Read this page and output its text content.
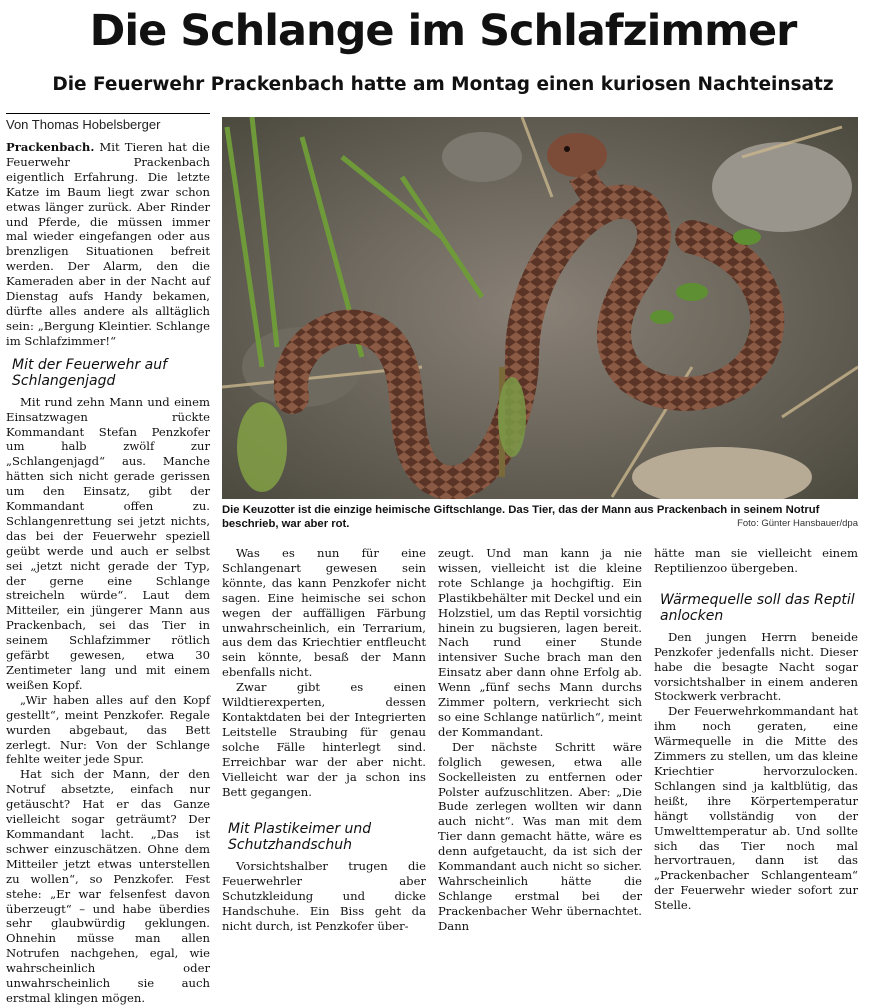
Die Schlange im Schlafzimmer
Die Feuerwehr Prackenbach hatte am Montag einen kuriosen Nachteinsatz
Von Thomas Hobelsberger

Prackenbach. Mit Tieren hat die Feuerwehr Prackenbach eigentlich Erfahrung. Die letzte Katze im Baum liegt zwar schon etwas länger zurück. Aber Rinder und Pferde, die müssen immer mal wieder eingefangen oder aus brenzligen Situationen befreit werden. Der Alarm, den die Kameraden aber in der Nacht auf Dienstag aufs Handy bekamen, dürfte alles andere als alltäglich sein: „Bergung Kleintier. Schlange im Schlafzimmer!“

Mit der Feuerwehr auf Schlangenjagd

Mit rund zehn Mann und einem Einsatzwagen rückte Kommandant Stefan Penzkofer um halb zwölf zur „Schlangenjagd“ aus. Manche hätten sich nicht gerade gerissen um den Einsatz, gibt der Kommandant offen zu. Schlangenrettung sei jetzt nichts, das bei der Feuerwehr speziell geübt werde und auch er selbst sei „jetzt nicht gerade der Typ, der gerne eine Schlange streicheln würde“. Laut dem Mitteiler, ein jüngerer Mann aus Prackenbach, sei das Tier in seinem Schlafzimmer rötlich gefärbt gewesen, etwa 30 Zentimeter lang und mit einem weißen Kopf.

„Wir haben alles auf den Kopf gestellt“, meint Penzkofer. Regale wurden abgebaut, das Bett zerlegt. Nur: Von der Schlange fehlte weiter jede Spur.

Hat sich der Mann, der den Notruf absetzte, einfach nur getäuscht? Hat er das Ganze vielleicht sogar geträumt? Der Kommandant lacht. „Das ist schwer einzuschätzen. Ohne dem Mitteiler jetzt etwas unterstellen zu wollen“, so Penzkofer. Fest stehe: „Er war felsenfest davon überzeugt“ – und habe überdies sehr glaubwürdig geklungen. Ohnehin müsse man allen Notrufen nachgehen, egal, wie wahrscheinlich oder unwahrscheinlich sie auch erstmal klingen mögen.

Die Keuzotter ist die einzige heimische Giftschlange. Das Tier, das der Mann aus Prackenbach in seinem Notruf beschrieb, war aber rot.	Foto: Günter Hansbauer/dpa

Was es nun für eine Schlangenart gewesen sein könnte, das kann Penzkofer nicht sagen. Eine heimische sei schon wegen der auffälligen Färbung unwahrscheinlich, ein Terrarium, aus dem das Kriechtier entfleucht sein könnte, besaß der Mann ebenfalls nicht.

Zwar gibt es einen Wildtierexperten, dessen Kontaktdaten bei der Integrierten Leitstelle Straubing für genau solche Fälle hinterlegt sind. Erreichbar war der aber nicht. Vielleicht war der ja schon ins Bett gegangen.

Mit Plastikeimer und Schutzhandschuh

Vorsichtshalber trugen die Feuerwehrler aber Schutzkleidung und dicke Handschuhe. Ein Biss geht da nicht durch, ist Penzkofer über-

zeugt. Und man kann ja nie wissen, vielleicht ist die kleine rote Schlange ja hochgiftig. Ein Plastikbehälter mit Deckel und ein Holzstiel, um das Reptil vorsichtig hinein zu bugsieren, lagen bereit. Nach rund einer Stunde intensiver Suche brach man den Einsatz aber dann ohne Erfolg ab. Wenn „fünf sechs Mann durchs Zimmer poltern, verkriecht sich so eine Schlange natürlich“, meint der Kommandant.

Der nächste Schritt wäre folglich gewesen, etwa alle Sockelleisten zu entfernen oder Polster aufzuschlitzen. Aber: „Die Bude zerlegen wollten wir dann auch nicht“. Was man mit dem Tier dann gemacht hätte, wäre es denn aufgetaucht, da ist sich der Kommandant auch nicht so sicher. Wahrscheinlich hätte die Schlange erstmal bei der Prackenbacher Wehr übernachtet. Dann

hätte man sie vielleicht einem Reptilienzoo übergeben.

Wärmequelle soll das Reptil anlocken

Den jungen Herrn beneide Penzkofer jedenfalls nicht. Dieser habe die besagte Nacht sogar vorsichtshalber in einem anderen Stockwerk verbracht.

Der Feuerwehrkommandant hat ihm noch geraten, eine Wärmequelle in die Mitte des Zimmers zu stellen, um das kleine Kriechtier hervorzulocken. Schlangen sind ja kaltblütig, das heißt, ihre Körpertemperatur hängt vollständig von der Umwelttemperatur ab. Und sollte sich das Tier noch mal hervortrauen, dann ist das „Prackenbacher Schlangenteam“ der Feuerwehr wieder sofort zur Stelle.
